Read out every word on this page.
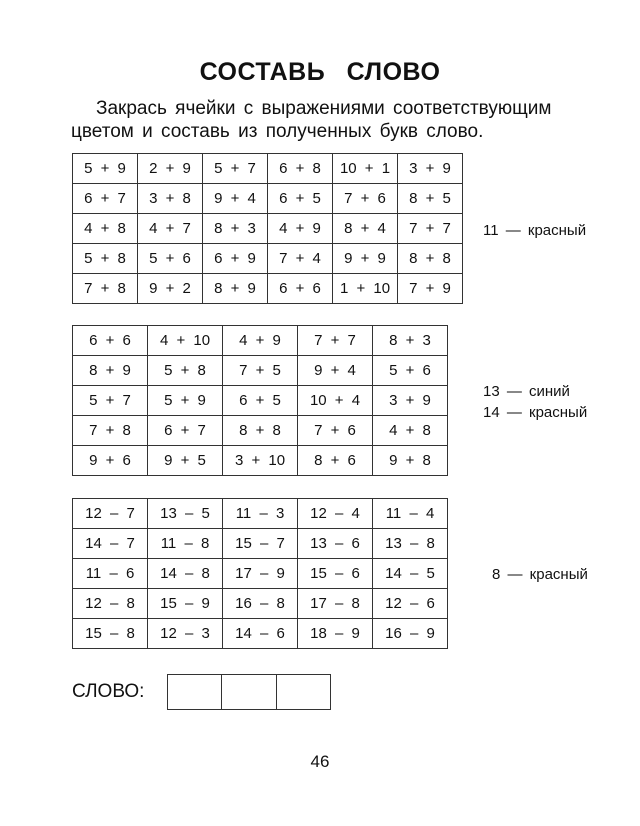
СОСТАВЬ СЛОВО
Закрась ячейки с выражениями соответствующим
цветом и составь из полученных букв слово.
5 + 9	2 + 9	5 + 7	6 + 8	10 + 1	3 + 9
6 + 7	3 + 8	9 + 4	6 + 5	7 + 6	8 + 5
4 + 8	4 + 7	8 + 3	4 + 9	8 + 4	7 + 7
5 + 8	5 + 6	6 + 9	7 + 4	9 + 9	8 + 8
7 + 8	9 + 2	8 + 9	6 + 6	1 + 10	7 + 9
11 — красный
6 + 6	4 + 10	4 + 9	7 + 7	8 + 3
8 + 9	5 + 8	7 + 5	9 + 4	5 + 6
5 + 7	5 + 9	6 + 5	10 + 4	3 + 9
7 + 8	6 + 7	8 + 8	7 + 6	4 + 8
9 + 6	9 + 5	3 + 10	8 + 6	9 + 8
13 — синий
14 — красный
12 – 7	13 – 5	11 – 3	12 – 4	11 – 4
14 – 7	11 – 8	15 – 7	13 – 6	13 – 8
11 – 6	14 – 8	17 – 9	15 – 6	14 – 5
12 – 8	15 – 9	16 – 8	17 – 8	12 – 6
15 – 8	12 – 3	14 – 6	18 – 9	16 – 9
8 — красный
СЛОВО:

46
